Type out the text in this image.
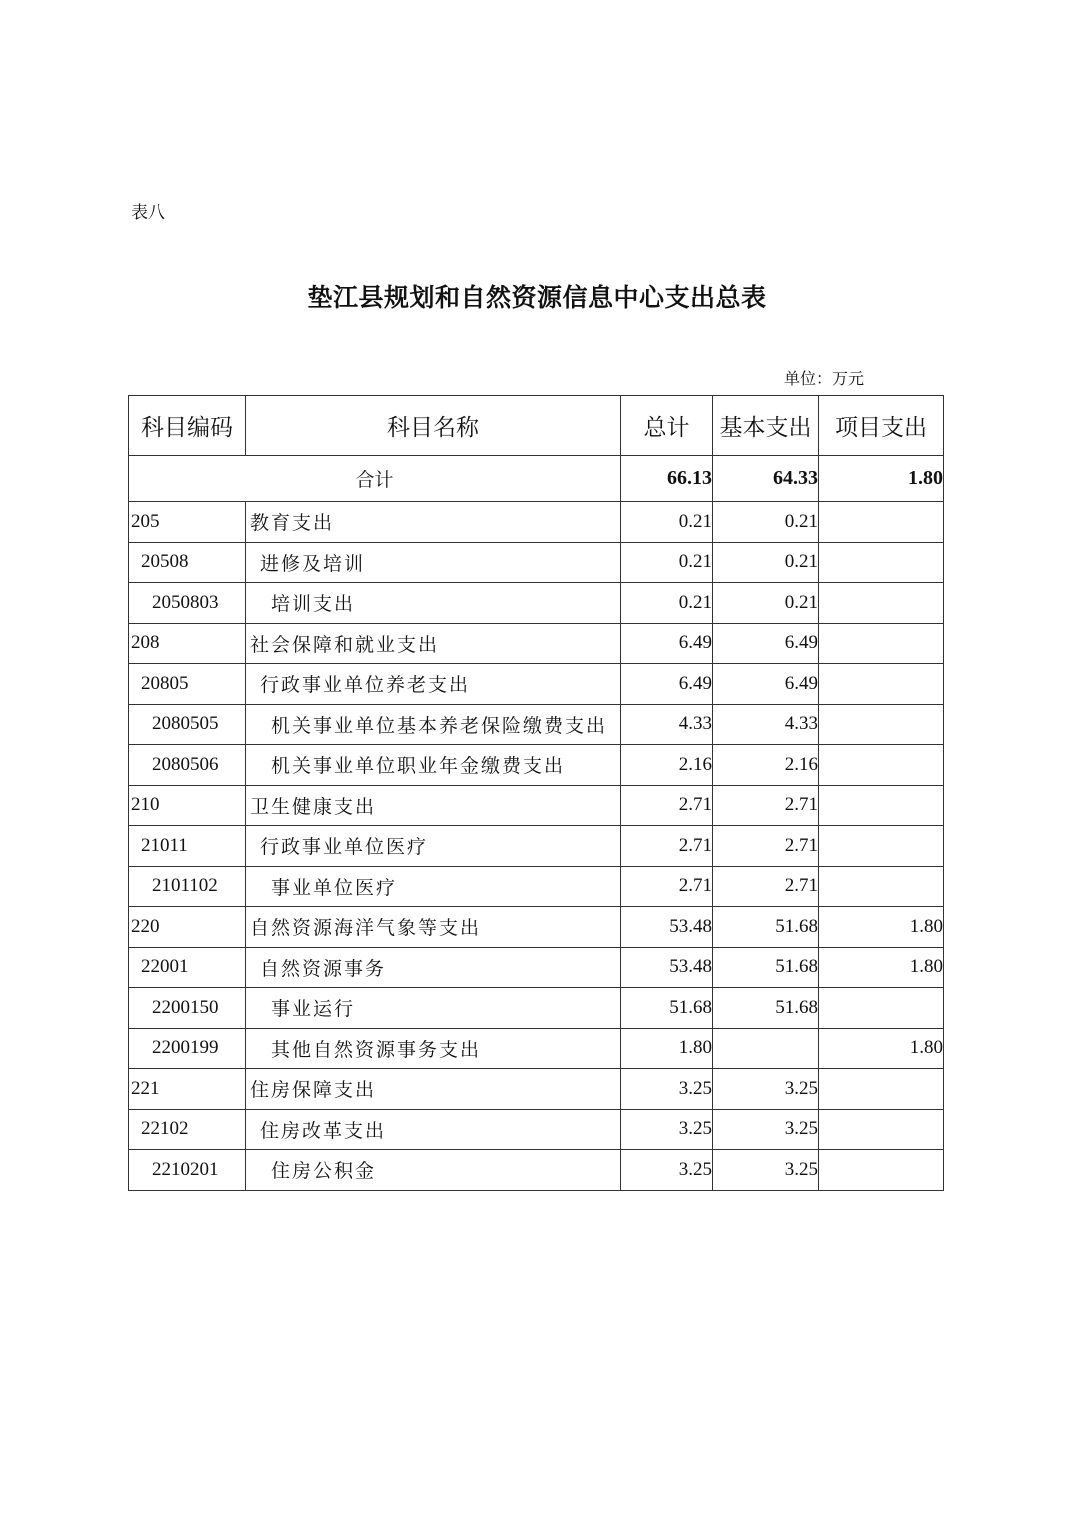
表八
垫江县规划和自然资源信息中心支出总表
单位：万元
科目编码	科目名称	总计	基本支出	项目支出
合计		66.13	64.33	1.80
205	教育支出	0.21	0.21	
20508	进修及培训	0.21	0.21	
2050803	培训支出	0.21	0.21	
208	社会保障和就业支出	6.49	6.49	
20805	行政事业单位养老支出	6.49	6.49	
2080505	机关事业单位基本养老保险缴费支出	4.33	4.33	
2080506	机关事业单位职业年金缴费支出	2.16	2.16	
210	卫生健康支出	2.71	2.71	
21011	行政事业单位医疗	2.71	2.71	
2101102	事业单位医疗	2.71	2.71	
220	自然资源海洋气象等支出	53.48	51.68	1.80
22001	自然资源事务	53.48	51.68	1.80
2200150	事业运行	51.68	51.68	
2200199	其他自然资源事务支出	1.80		1.80
221	住房保障支出	3.25	3.25	
22102	住房改革支出	3.25	3.25	
2210201	住房公积金	3.25	3.25	
